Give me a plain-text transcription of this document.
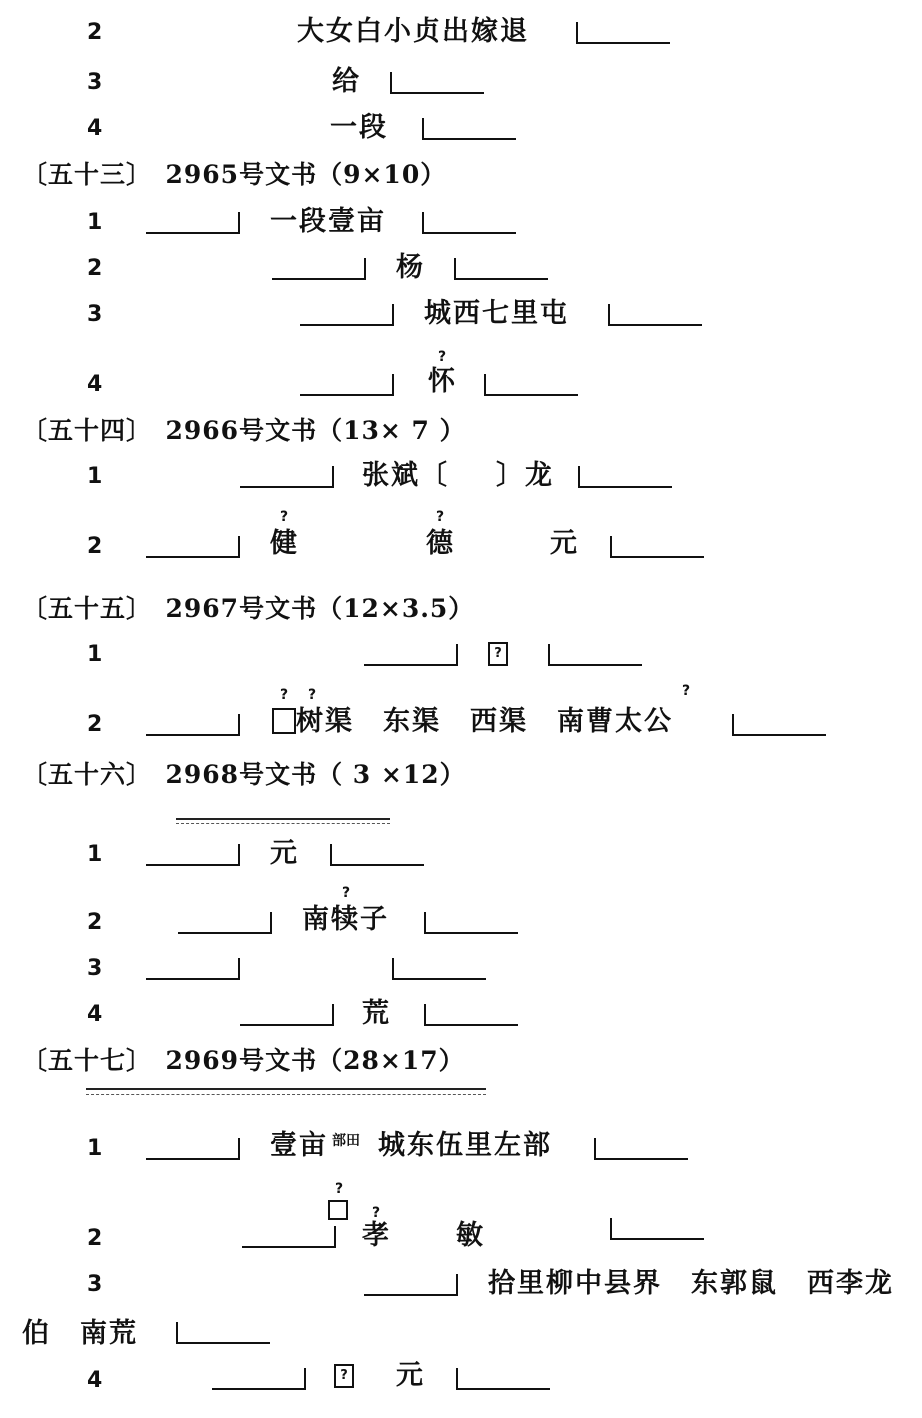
2	大女白小贞出嫁退
3	给
4	一段
〔五十三〕　2965号文书（9×10）
1	一段壹亩
2	杨
3	城西七里屯
?
4	怀
〔五十四〕　2966号文书（13× 7 ）
1	张斌〔 〕龙
?	?
2	健	德	元
〔五十五〕　2967号文书（12×3.5）
1	?
? ?	?
2	树渠　东渠　西渠　南曹太公
〔五十六〕　2968号文书（ 3 ×12）
1	元
?
2	南犊子
3
4	荒
〔五十七〕　2969号文书（28×17）
1	壹亩 部田 城东伍里左部
?
?
2	孝 敏
3	拾里柳中县界　东郭鼠　西李龙
伯　南荒
4	? 元
